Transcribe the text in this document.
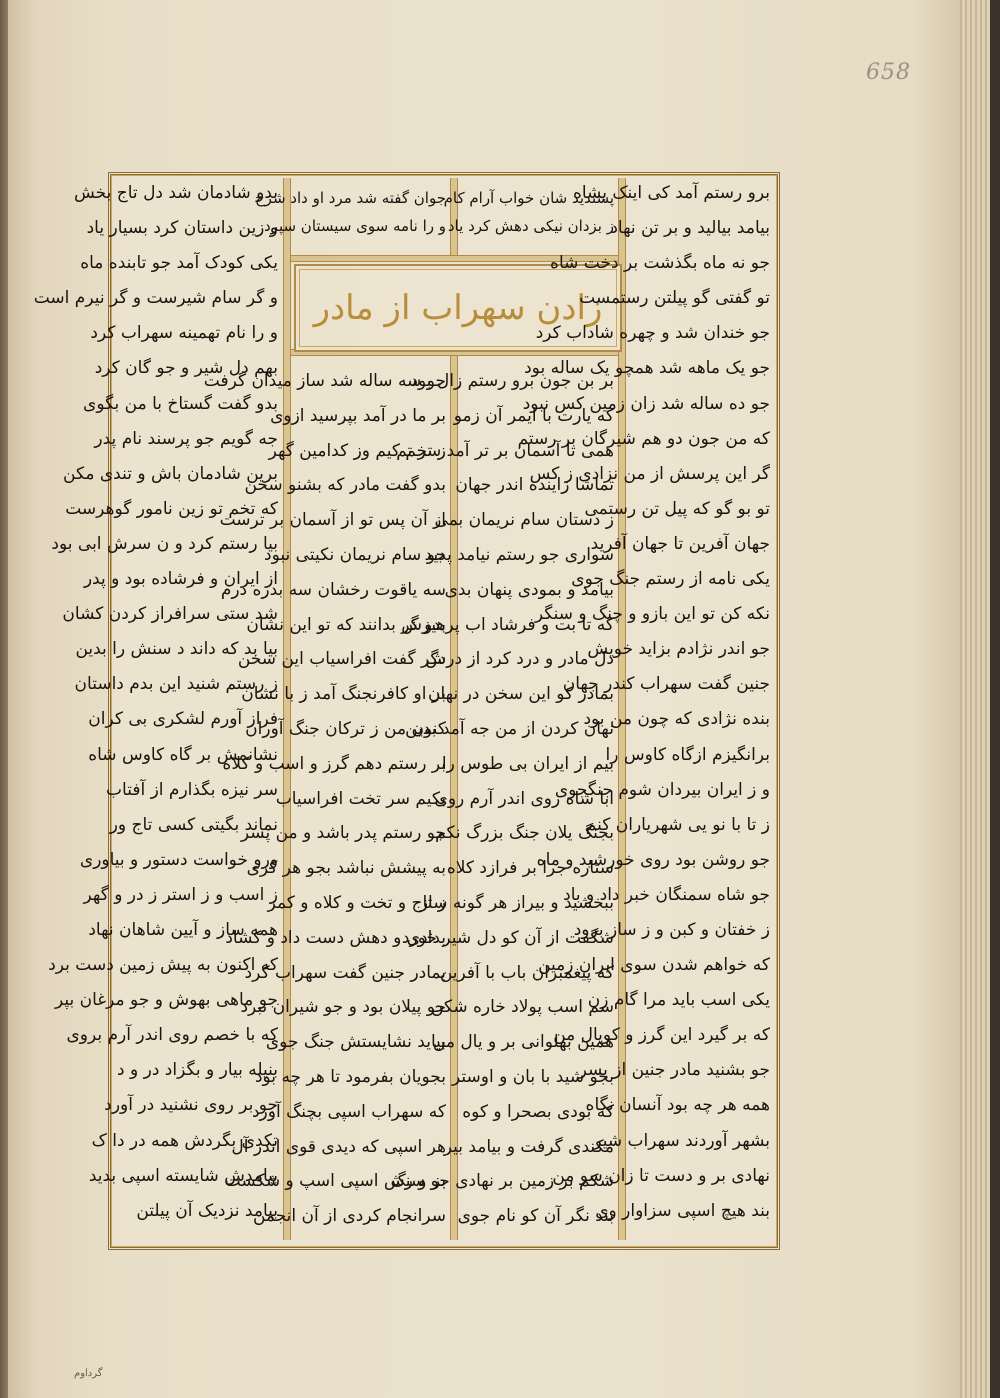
658
گرداوم
زادن سهراب از مادر
پسندید شان خواب آرام کام
ز بزدان نیکی دهش کرد یاد
جوان گفته شد مرد او داد شرح
و را نامه سوی سیستان سپرد
برو رستم آمد کی اینک بشاه
بیامد بیالید و بر تن نهاد
جو نه ماه بگذشت بر دخت شاه
تو گفتی گو پیلتن رستمست
جو خندان شد و چهره شاداب کرد
جو یک ماهه شد همچو یک ساله بود
جو ده ساله شد زان زمین کس نبود
که من جون دو هم شیرگان بر رستم
گر این پرسش از من نزادی ز کس
تو بو گو که پیل تن رستمی
جهان آفرین تا جهان آفرید
یکی نامه از رستم جنگ جوی
نکه کن تو این بازو و چنگ و سنگر
جو اندر نژادم بزاید خویش
جنین گفت سهراب کندر جهان
بنده نژادی که چون من بود
برانگیزم ازگاه کاوس را
و ز ایران بیردان شوم جنگجوی
ز تا با نو یی شهریاران کنم
جو روشن بود روی خورشید و ماه
جو شاه سمنگان خبر داد و باد
ز خفتان و کبن و ز ساز برود
که خواهم شدن سوی ایران زمین
یکی اسب باید مرا گام زن
که بر گیرد این گرز و کوپال من
جو بشنید مادر جنین از پسر
همه هر چه بود آنسان نگاه
بشهر آوردند سهراب شیر
نهادی بر و دست تا زان سو من
بند هیچ اسپی سزاوار وی
بر بن جون برو رستم زال بود
که یارت با ایمر آن زمو
همی تا آسمان بر تر آمد سر تم
تماشا زاینده اندر جهان
ز دستان سام نریمان بمی
سواری جو رستم نیامد پدید
بیامد و بمودی پنهان بدی
که تا بت و فرشاد اب پرهیزش
دل مادر و درد کرد از درش
بمادر کو این سخن در نهان
نهان کردن از من جه آمد بدین
بیم از ایران بی طوس را
ابا شاه روی اندر آرم روی
بجنگ یلان جنگ بزرگ نکم
ستاره جرا بر فرازد کلاه
ببخشید و بیراز هر گونه ساز
شگفت از آن کو دل شیر خورد
که پیغمبران باب با آفرین
سم اسب پولاد خاره شکن
همین بهلوانی بر و یال من
بجو شید با بان و اوستر
که بودی بصحرا و کوه
مکندی گرفت و بیامد بیر
شکم بر زمین بر نهادی جو سنگ
بند نگر آن کو نام جوی
جو سه ساله شد ساز میدان گرفت
بر ما در آمد بپرسید ازوی
ز تخم کیم وز کدامین گهر
بدو گفت مادر که بشنو سخن
از آن پس تو از آسمان بر ترست
جو سام نریمان نکیتی نبود
سه یاقوت رخشان سه بدره درم
بدو گر بدانند که تو این نشان
دگر گفت افراسیاب این سخن
بر او کافرنجنگ آمد ز با نشان
کنون من ز ترکان جنگ آوران
بر رستم دهم گرز و اسب و کلاه
بکیم سر تخت افراسیاب
جو رستم پدر باشد و من پسر
به پیشش نباشد بجو هر کری
ز تاج و تخت و کلاه و کمر
بدادی و دهش دست داد و کشاد
بمادر جنین گفت سهراب کرد
جو پیلان بود و جو شیران نبرد
بیاید نشایستش جنگ جوی
بجویان بفرمود تا هر چه بود
که سهراب اسپی بچنگ آورد
هر اسپی که دیدی قوی اندر آل
بز و رش اسپی اسپ و شکست
سرانجام کردی از آن انجمن
بدو شادمان شد دل تاج بخش
و زین داستان کرد بسیار یاد
یکی کودک آمد جو تابنده ماه
و گر سام شیرست و گر نیرم است
و را نام تهمینه سهراب کرد
بهم دل شیر و جو گان کرد
بدو گفت گستاخ با من بگوی
جه گویم جو پرسند نام پدر
برین شادمان باش و تندی مکن
که تخم تو زین نامور گوهرست
بیا رستم کرد و ن سرش ابی بود
از ایران و فرشاده بود و پدر
شد ستی سرافراز کردن کشان
بیا بد که داند د سنش را بدین
ز رستم شنید این بدم داستان
فراز آورم لشکری بی کران
نشانمش بر گاه کاوس شاه
سر نیزه بگذارم از آفتاب
نماند بگیتی کسی تاج ور
ورو خواست دستور و بیاوری
ز اسب و ز استر ز در و گهر
همه ساز و آیین شاهان نهاد
که اکنون به پیش زمین دست برد
جو ماهی بهوش و جو مرغان بپر
که با خصم روی اندر آرم بروی
بنیله بیار و بگزاد در و د
جو بر روی نشنید در آورد
تکدی بگردش همه در دا ک
بیامدش شایسته اسپی بدید
بیامد نزدیک آن پیلتن
